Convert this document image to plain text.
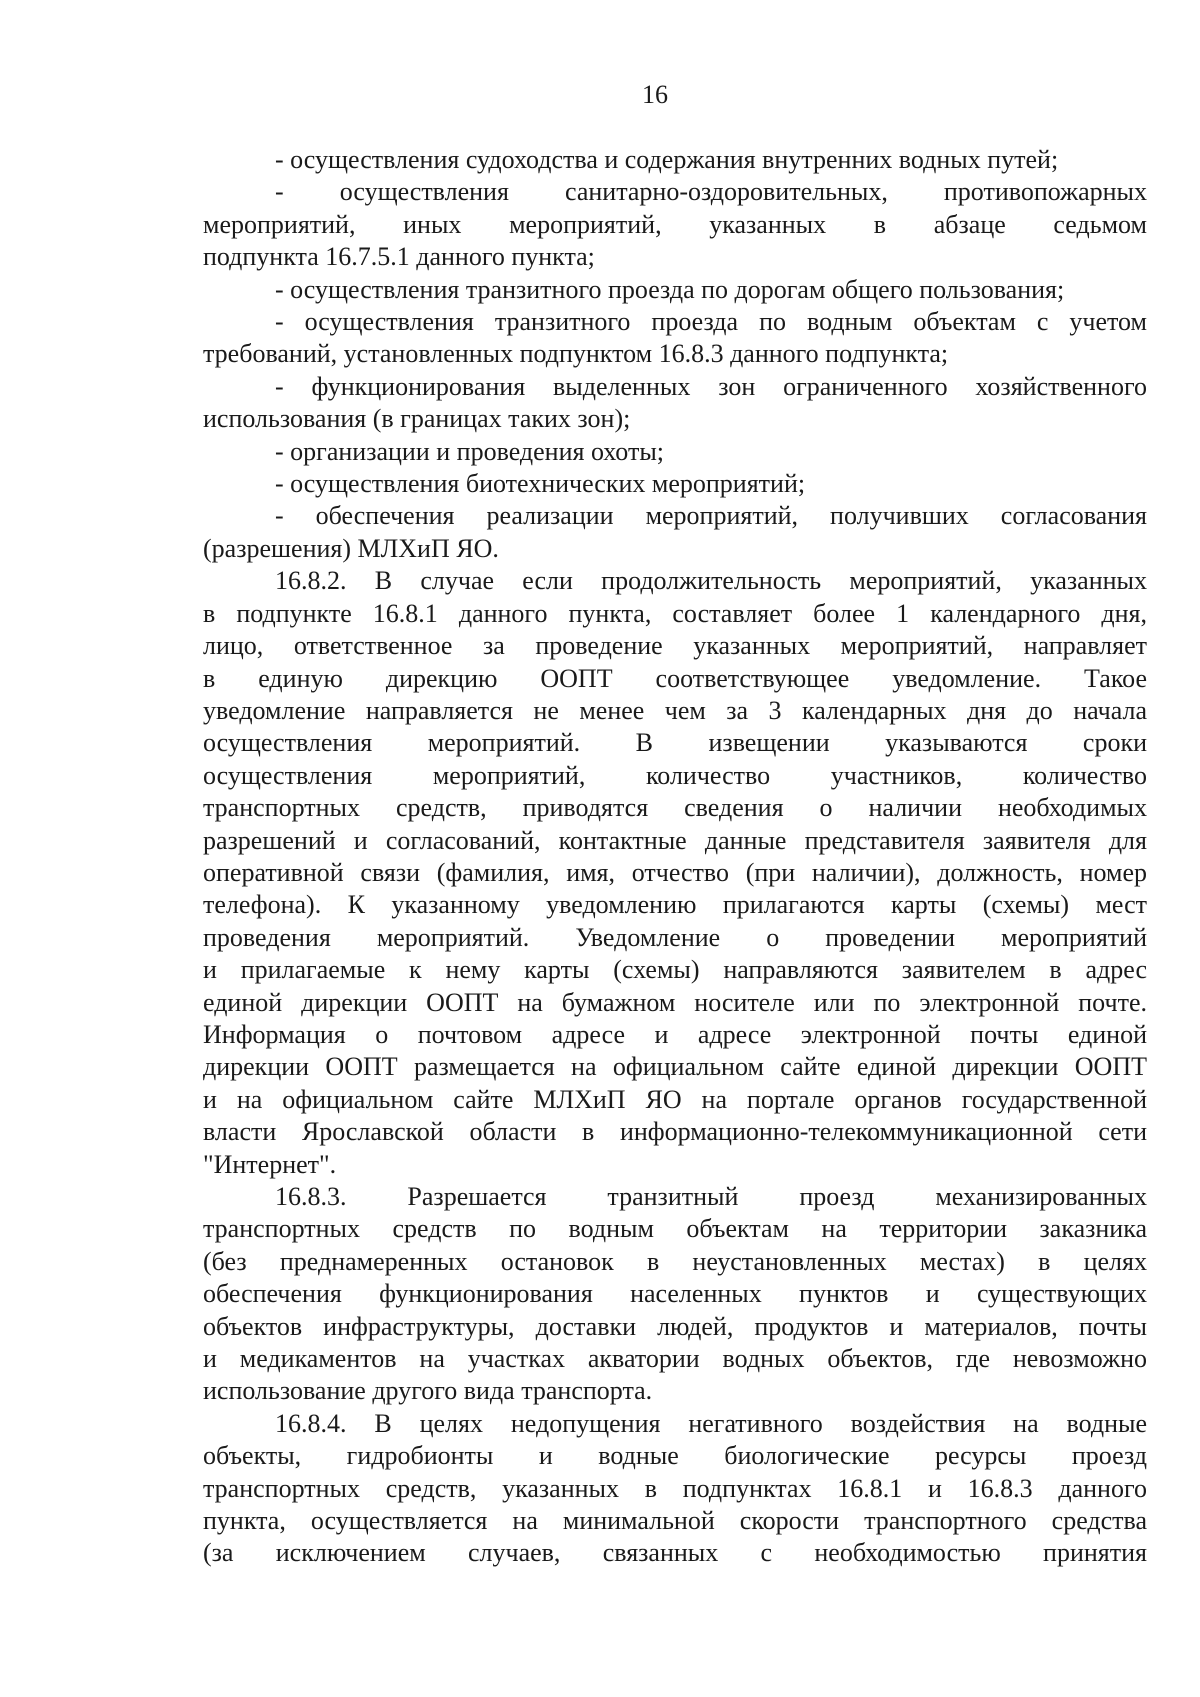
16

- осуществления судоходства и содержания внутренних водных путей;

- осуществления санитарно-оздоровительных, противопожарных

мероприятий, иных мероприятий, указанных в абзаце седьмом

подпункта 16.7.5.1 данного пункта;

- осуществления транзитного проезда по дорогам общего пользования;

- осуществления транзитного проезда по водным объектам с учетом

требований, установленных подпунктом 16.8.3 данного подпункта;

- функционирования выделенных зон ограниченного хозяйственного

использования (в границах таких зон);

- организации и проведения охоты;

- осуществления биотехнических мероприятий;

- обеспечения реализации мероприятий, получивших согласования

(разрешения) МЛХиП ЯО.

16.8.2. В случае если продолжительность мероприятий, указанных

в подпункте 16.8.1 данного пункта, составляет более 1 календарного дня,

лицо, ответственное за проведение указанных мероприятий, направляет

в единую дирекцию ООПТ соответствующее уведомление. Такое

уведомление направляется не менее чем за 3 календарных дня до начала

осуществления мероприятий. В извещении указываются сроки

осуществления мероприятий, количество участников, количество

транспортных средств, приводятся сведения о наличии необходимых

разрешений и согласований, контактные данные представителя заявителя для

оперативной связи (фамилия, имя, отчество (при наличии), должность, номер

телефона). К указанному уведомлению прилагаются карты (схемы) мест

проведения мероприятий. Уведомление о проведении мероприятий

и прилагаемые к нему карты (схемы) направляются заявителем в адрес

единой дирекции ООПТ на бумажном носителе или по электронной почте.

Информация о почтовом адресе и адресе электронной почты единой

дирекции ООПТ размещается на официальном сайте единой дирекции ООПТ

и на официальном сайте МЛХиП ЯО на портале органов государственной

власти Ярославской области в информационно-телекоммуникационной сети

"Интернет".

16.8.3. Разрешается транзитный проезд механизированных

транспортных средств по водным объектам на территории заказника

(без преднамеренных остановок в неустановленных местах) в целях

обеспечения функционирования населенных пунктов и существующих

объектов инфраструктуры, доставки людей, продуктов и материалов, почты

и медикаментов на участках акватории водных объектов, где невозможно

использование другого вида транспорта.

16.8.4. В целях недопущения негативного воздействия на водные

объекты, гидробионты и водные биологические ресурсы проезд

транспортных средств, указанных в подпунктах 16.8.1 и 16.8.3 данного

пункта, осуществляется на минимальной скорости транспортного средства

(за исключением случаев, связанных с необходимостью принятия
